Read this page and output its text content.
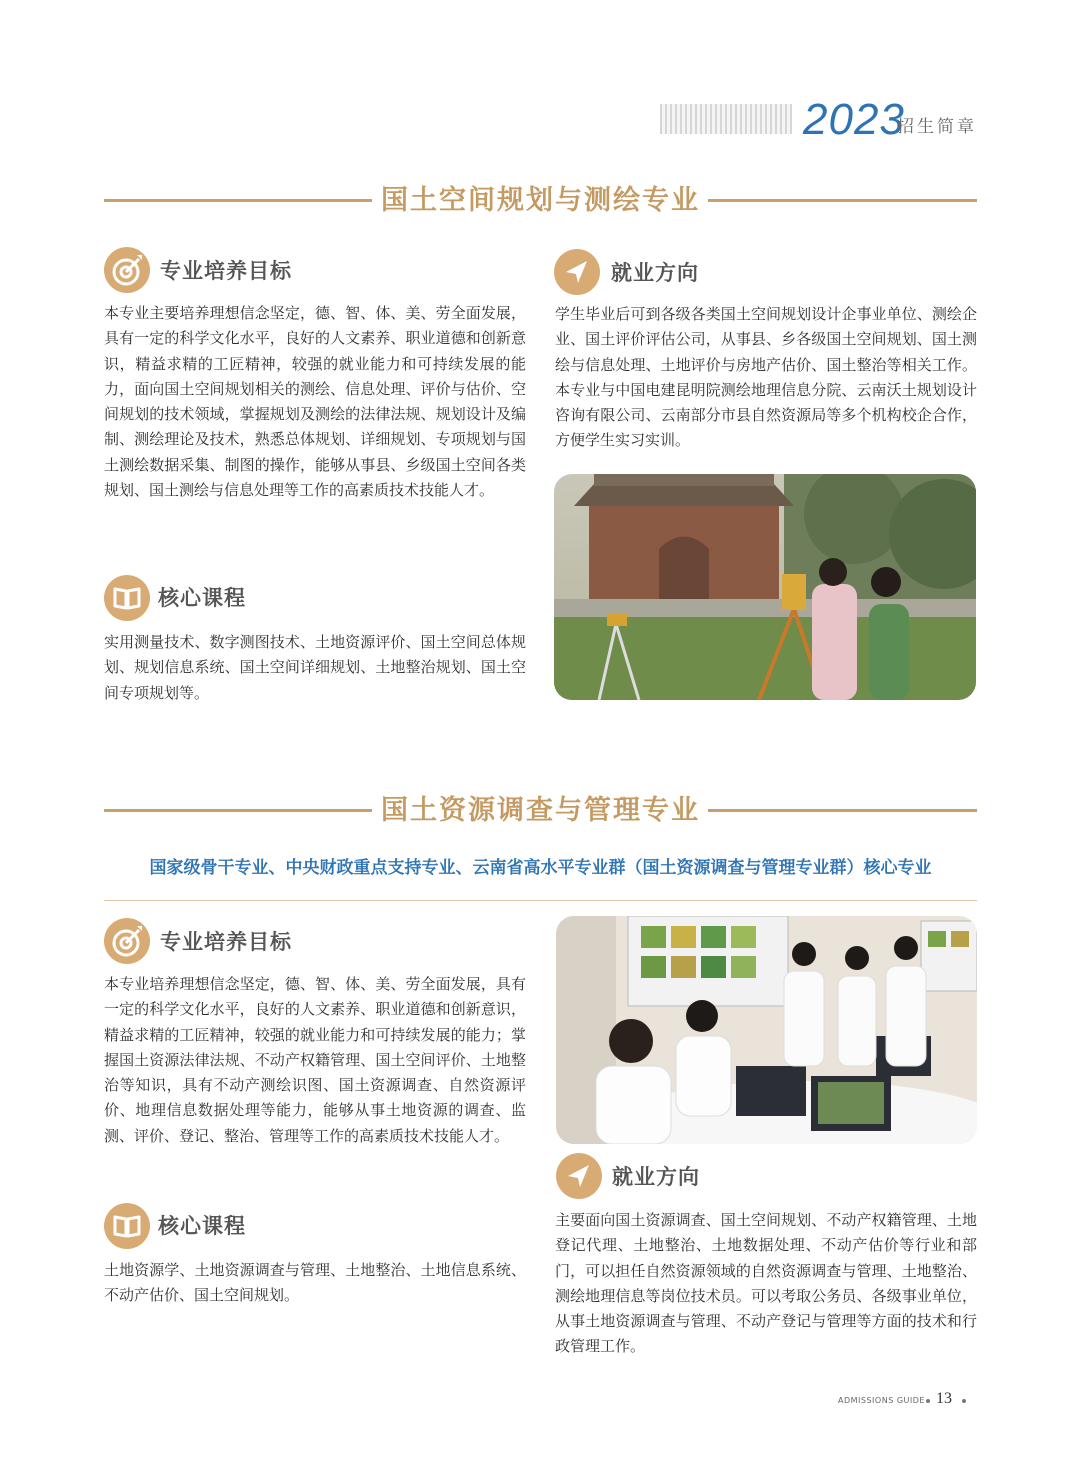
2023
招生简章
国土空间规划与测绘专业
专业培养目标
本专业主要培养理想信念坚定，德、智、体、美、劳全面发展，具有一定的科学文化水平，良好的人文素养、职业道德和创新意识，精益求精的工匠精神，较强的就业能力和可持续发展的能力，面向国土空间规划相关的测绘、信息处理、评价与估价、空间规划的技术领域，掌握规划及测绘的法律法规、规划设计及编制、测绘理论及技术，熟悉总体规划、详细规划、专项规划与国土测绘数据采集、制图的操作，能够从事县、乡级国土空间各类规划、国土测绘与信息处理等工作的高素质技术技能人才。
核心课程
实用测量技术、数字测图技术、土地资源评价、国土空间总体规划、规划信息系统、国土空间详细规划、土地整治规划、国土空间专项规划等。
就业方向
学生毕业后可到各级各类国土空间规划设计企事业单位、测绘企业、国土评价评估公司，从事县、乡各级国土空间规划、国土测绘与信息处理、土地评价与房地产估价、国土整治等相关工作。本专业与中国电建昆明院测绘地理信息分院、云南沃土规划设计咨询有限公司、云南部分市县自然资源局等多个机构校企合作，方便学生实习实训。
国土资源调查与管理专业
国家级骨干专业、中央财政重点支持专业、云南省高水平专业群（国土资源调查与管理专业群）核心专业
专业培养目标
本专业培养理想信念坚定，德、智、体、美、劳全面发展，具有一定的科学文化水平，良好的人文素养、职业道德和创新意识，精益求精的工匠精神，较强的就业能力和可持续发展的能力；掌握国土资源法律法规、不动产权籍管理、国土空间评价、土地整治等知识，具有不动产测绘识图、国土资源调查、自然资源评价、地理信息数据处理等能力，能够从事土地资源的调查、监测、评价、登记、整治、管理等工作的高素质技术技能人才。
核心课程
土地资源学、土地资源调查与管理、土地整治、土地信息系统、不动产估价、国土空间规划。
就业方向
主要面向国土资源调查、国土空间规划、不动产权籍管理、土地登记代理、土地整治、土地数据处理、不动产估价等行业和部门，可以担任自然资源领域的自然资源调查与管理、土地整治、测绘地理信息等岗位技术员。可以考取公务员、各级事业单位，从事土地资源调查与管理、不动产登记与管理等方面的技术和行政管理工作。
ADMISSIONS GUIDE 13
